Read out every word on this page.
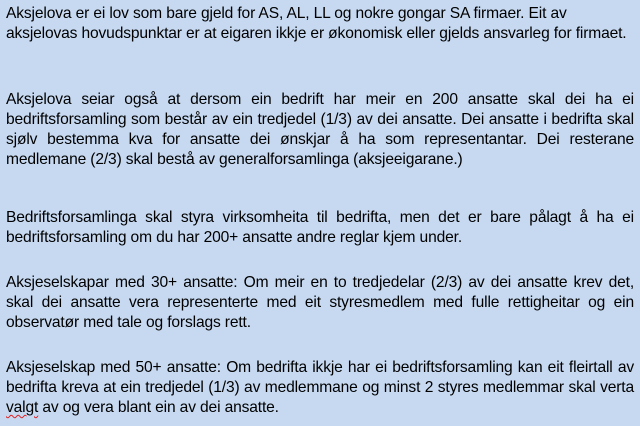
Aksjelova er ei lov som bare gjeld for AS, AL, LL og nokre gongar SA firmaer. Eit av aksjelovas hovudspunktar er at eigaren ikkje er økonomisk eller gjelds ansvarleg for firmaet.

Aksjelova seiar også at dersom ein bedrift har meir en 200 ansatte skal dei ha ei bedriftsforsamling som består av ein tredjedel (1/3) av dei ansatte. Dei ansatte i bedrifta skal sjølv bestemma kva for ansatte dei ønskjar å ha som representantar. Dei resterane medlemane (2/3) skal bestå av generalforsamlinga (aksjeeigarane.)

Bedriftsforsamlinga skal styra virksomheita til bedrifta, men det er bare pålagt å ha ei bedriftsforsamling om du har 200+ ansatte andre reglar kjem under.

Aksjeselskapar med 30+ ansatte: Om meir en to tredjedelar (2/3) av dei ansatte krev det, skal dei ansatte vera representerte med eit styresmedlem med fulle rettigheitar og ein observatør med tale og forslags rett.

Aksjeselskap med 50+ ansatte: Om bedrifta ikkje har ei bedriftsforsamling kan eit fleirtall av bedrifta kreva at ein tredjedel (1/3) av medlemmane og minst 2 styres medlemmar skal verta valgt av og vera blant ein av dei ansatte.
